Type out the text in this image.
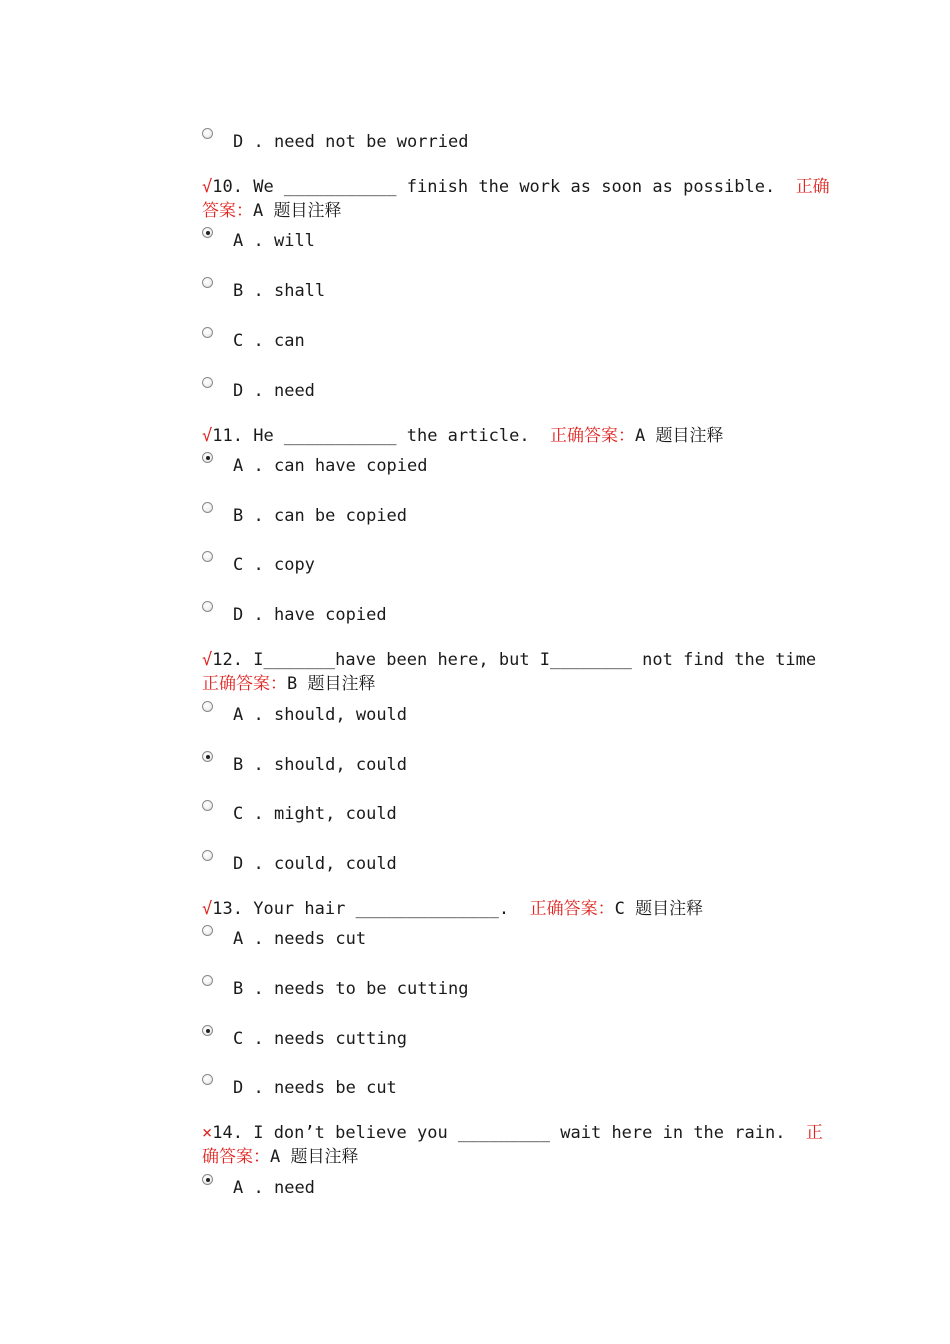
D . need not be worried
√10. We ___________ finish the work as soon as possible. 正确
答案：A 题目注释
A . will
B . shall
C . can
D . need
√11. He ___________ the article. 正确答案：A 题目注释
A . can have copied
B . can be copied
C . copy
D . have copied
√12. I_______have been here, but I________ not find the time
正确答案：B 题目注释
A . should, would
B . should, could
C . might, could
D . could, could
√13. Your hair ______________. 正确答案：C 题目注释
A . needs cut
B . needs to be cutting
C . needs cutting
D . needs be cut
×14. I don’t believe you _________ wait here in the rain. 正
确答案：A 题目注释
A . need
